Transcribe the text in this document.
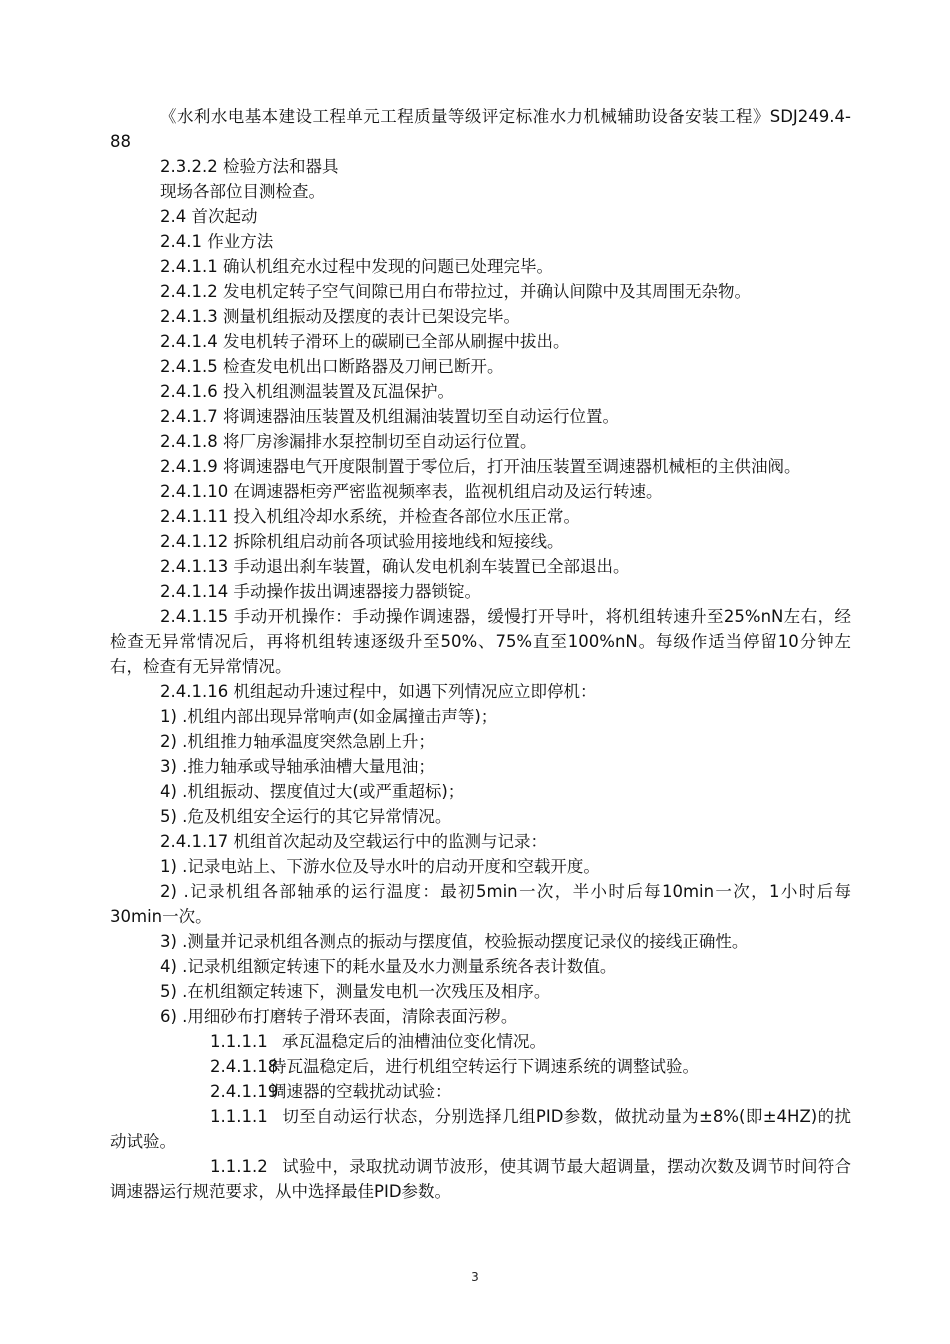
《水利水电基本建设工程单元工程质量等级评定标准水力机械辅助设备安装工程》SDJ249.4-88

2.3.2.2 检验方法和器具

现场各部位目测检查。

2.4 首次起动

2.4.1 作业方法

2.4.1.1 确认机组充水过程中发现的问题已处理完毕。

2.4.1.2 发电机定转子空气间隙已用白布带拉过，并确认间隙中及其周围无杂物。

2.4.1.3 测量机组振动及摆度的表计已架设完毕。

2.4.1.4 发电机转子滑环上的碳刷已全部从刷握中拔出。

2.4.1.5 检查发电机出口断路器及刀闸已断开。

2.4.1.6 投入机组测温装置及瓦温保护。

2.4.1.7 将调速器油压装置及机组漏油装置切至自动运行位置。

2.4.1.8 将厂房渗漏排水泵控制切至自动运行位置。

2.4.1.9 将调速器电气开度限制置于零位后，打开油压装置至调速器机械柜的主供油阀。

2.4.1.10 在调速器柜旁严密监视频率表，监视机组启动及运行转速。

2.4.1.11 投入机组冷却水系统，并检查各部位水压正常。

2.4.1.12 拆除机组启动前各项试验用接地线和短接线。

2.4.1.13 手动退出刹车装置，确认发电机刹车装置已全部退出。

2.4.1.14 手动操作拔出调速器接力器锁锭。

2.4.1.15 手动开机操作：手动操作调速器，缓慢打开导叶，将机组转速升至25%nN左右，经检查无异常情况后，再将机组转速逐级升至50%、75%直至100%nN。每级作适当停留10分钟左右，检查有无异常情况。

2.4.1.16 机组起动升速过程中，如遇下列情况应立即停机：

1) .机组内部出现异常响声(如金属撞击声等)；

2) .机组推力轴承温度突然急剧上升；

3) .推力轴承或导轴承油槽大量甩油；

4) .机组振动、摆度值过大(或严重超标)；

5) .危及机组安全运行的其它异常情况。

2.4.1.17 机组首次起动及空载运行中的监测与记录：

1) .记录电站上、下游水位及导水叶的启动开度和空载开度。

2) .记录机组各部轴承的运行温度：最初5min一次，半小时后每10min一次，1小时后每30min一次。

3) .测量并记录机组各测点的振动与摆度值，校验振动摆度记录仪的接线正确性。

4) .记录机组额定转速下的耗水量及水力测量系统各表计数值。

5) .在机组额定转速下，测量发电机一次残压及相序。

6) .用细砂布打磨转子滑环表面，清除表面污秽。

1.1.1.1 承瓦温稳定后的油槽油位变化情况。

2.4.1.18待瓦温稳定后，进行机组空转运行下调速系统的调整试验。

2.4.1.19调速器的空载扰动试验：

1.1.1.1 切至自动运行状态，分别选择几组PID参数，做扰动量为±8%(即±4HZ)的扰动试验。

1.1.1.2 试验中，录取扰动调节波形，使其调节最大超调量，摆动次数及调节时间符合调速器运行规范要求，从中选择最佳PID参数。

3
